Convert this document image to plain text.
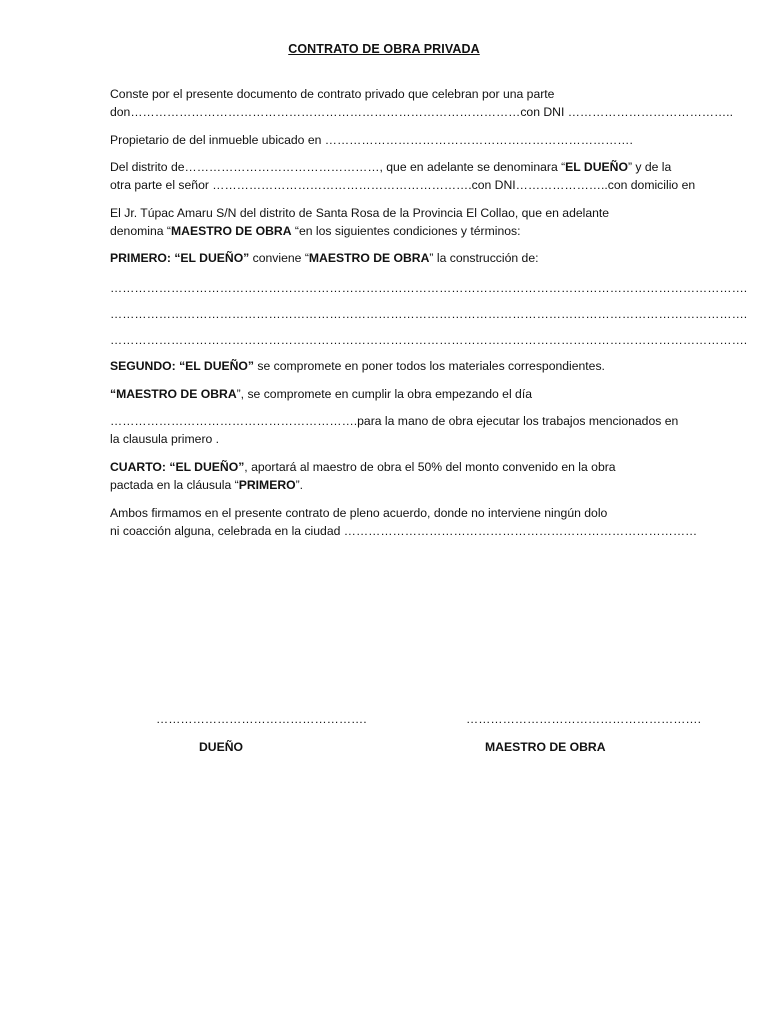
CONTRATO DE OBRA PRIVADA
Conste por el presente documento de contrato privado que celebran por una parte
don……………………………………………………………………………………con DNI …………………………………..
Propietario de del inmueble ubicado en ………………………………………………………………….
Del distrito de…………………………………………, que en adelante se denominara “EL DUEÑO” y de la
otra parte el señor ……………………………………………………….con DNI…………………..con domicilio en
El Jr. Túpac Amaru S/N del distrito de Santa Rosa de la Provincia El Collao, que en adelante
denomina “MAESTRO DE OBRA “en los siguientes condiciones y términos:
PRIMERO: “EL DUEÑO” conviene “MAESTRO DE OBRA” la construcción de:
………………………………………………………………………………………………………………………………………….
………………………………………………………………………………………………………………………………………….
………………………………………………………………………………………………………………………………………….
SEGUNDO: “EL DUEÑO” se compromete en poner todos los materiales correspondientes.
“MAESTRO DE OBRA”, se compromete en cumplir la obra empezando el día
…………………………………………………….para la mano de obra ejecutar los trabajos mencionados en
la clausula primero .
CUARTO: “EL DUEÑO”, aportará al maestro de obra el 50% del monto convenido en la obra
pactada en la cláusula “PRIMERO”.
Ambos firmamos en el presente contrato de pleno acuerdo, donde no interviene ningún dolo
ni coacción alguna, celebrada en la ciudad ……………………………………………………………………………
…………………………………………….	………………………………………………….
DUEÑO	MAESTRO DE OBRA
